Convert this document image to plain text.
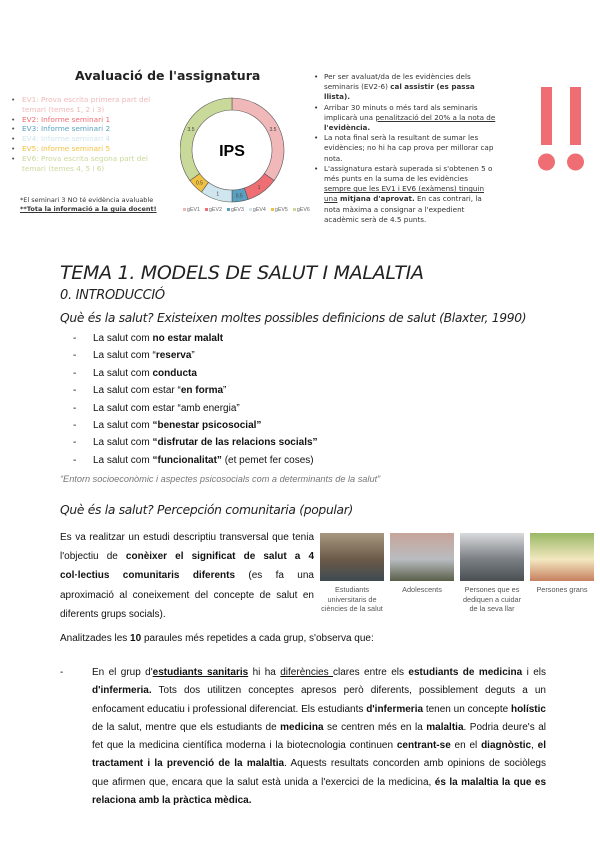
Avaluació de l'assignatura
• EV1: Prova escrita primera part del temari (temes 1, 2 i 3)
• EV2: Informe seminari 1
• EV3: Informe seminari 2
• EV4: Informe seminari 4
• EV5: Informe seminari 5
• EV6: Prova escrita segona part del temari (temes 4, 5 i 6)
*El seminari 3 NO té evidència avaluable
**Tota la informació a la guia docent!
3.5
1
0.5
1
0.5
3.5
IPS
gEV1	gEV2	gEV3	gEV4	gEV5	gEV6
• Per ser avaluat/da de les evidències dels seminaris (EV2-6) cal assistir (es passa llista).
• Arribar 30 minuts o més tard als seminaris implicarà una penalització del 20% a la nota de l'evidència.
• La nota final serà la resultant de sumar les evidències; no hi ha cap prova per millorar cap nota.
• L'assignatura estarà superada si s'obtenen 5 o més punts en la suma de les evidències sempre que les EV1 i EV6 (exàmens) tinguin una mitjana d'aprovat. En cas contrari, la nota màxima a consignar a l'expedient acadèmic serà de 4.5 punts.
TEMA 1. MODELS DE SALUT I MALALTIA
0. INTRODUCCIÓ
Què és la salut? Existeixen moltes possibles definicions de salut (Blaxter, 1990)
- La salut com no estar malalt
- La salut com “reserva”
- La salut com conducta
- La salut com estar “en forma”
- La salut com estar “amb energia”
- La salut com “benestar psicosocial”
- La salut com “disfrutar de las relacions socials”
- La salut com “funcionalitat” (et pemet fer coses)
“Entorn socioeconòmic i aspectes psicosocials com a determinants de la salut”
Què és la salut? Percepción comunitaria (popular)
Es va realitzar un estudi descriptiu transversal que tenia l'objectiu de conèixer el significat de salut a 4 col·lectius comunitaris diferents (es fa una aproximació al coneixement del concepte de salut en diferents grups socials).
Estudiants universitaris de ciències de la salut
Adolescents	Persones que es dediquen a cuidar de la seva llar
Persones grans
Analitzades les 10 paraules més repetides a cada grup, s'observa que:
- En el grup d'estudiants sanitaris hi ha diferències clares entre els estudiants de medicina i els d'infermeria. Tots dos utilitzen conceptes apresos però diferents, possiblement deguts a un enfocament educatiu i professional diferenciat. Els estudiants d'infermeria tenen un concepte holístic de la salut, mentre que els estudiants de medicina se centren més en la malaltia. Podria deure's al fet que la medicina científica moderna i la biotecnologia continuen centrant-se en el diagnòstic, el tractament i la prevenció de la malaltia. Aquests resultats concorden amb opinions de sociòlegs que afirmen que, encara que la salut està unida a l'exercici de la medicina, és la malaltia la que es relaciona amb la pràctica mèdica.
